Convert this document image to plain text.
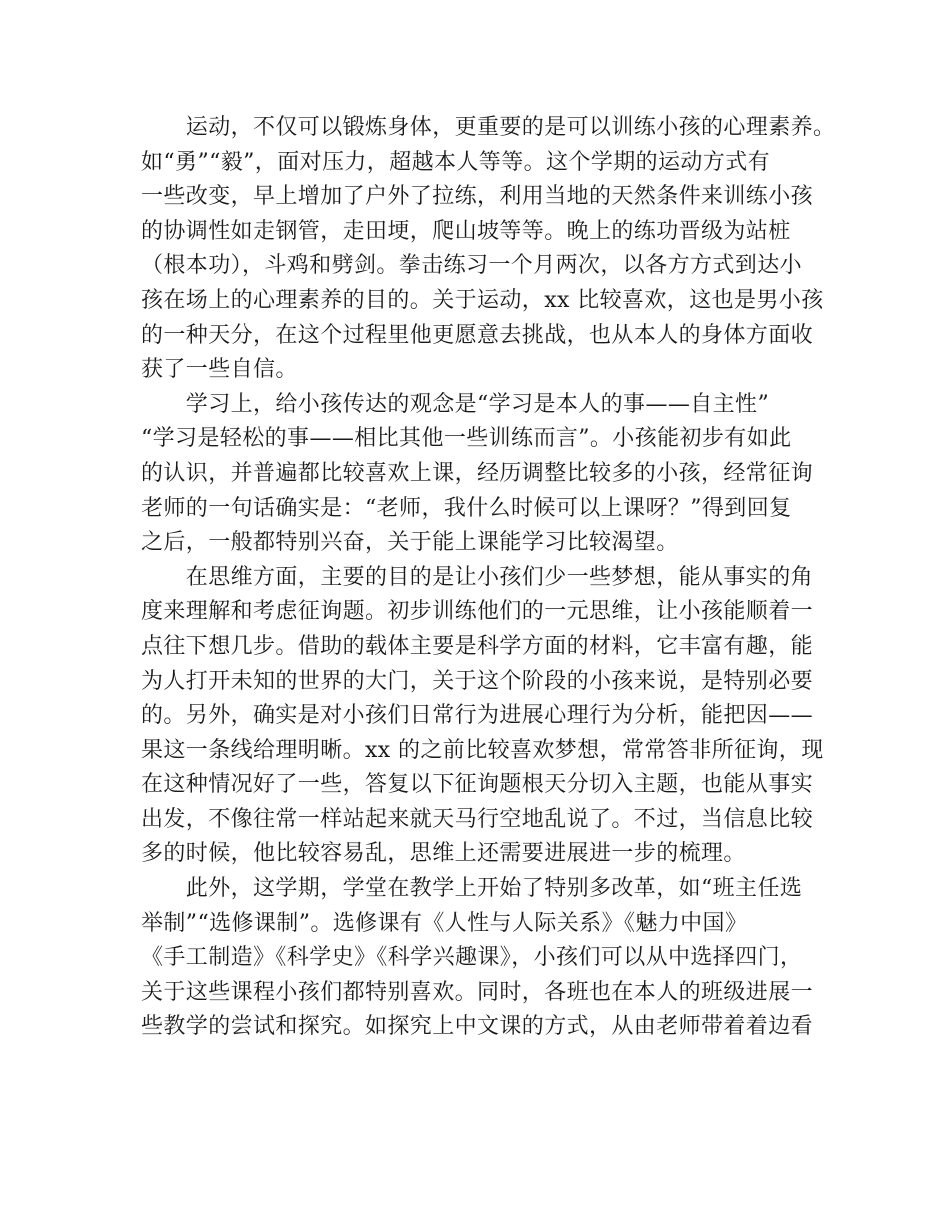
　　运动，不仅可以锻炼身体，更重要的是可以训练小孩的心理素养。
如“勇”“毅”，面对压力，超越本人等等。这个学期的运动方式有
一些改变，早上增加了户外了拉练，利用当地的天然条件来训练小孩
的协调性如走钢管，走田埂，爬山坡等等。晚上的练功晋级为站桩
（根本功），斗鸡和劈剑。拳击练习一个月两次，以各方方式到达小
孩在场上的心理素养的目的。关于运动，xx 比较喜欢，这也是男小孩
的一种天分，在这个过程里他更愿意去挑战，也从本人的身体方面收
获了一些自信。
　　学习上，给小孩传达的观念是“学习是本人的事——自主性”
“学习是轻松的事——相比其他一些训练而言”。小孩能初步有如此
的认识，并普遍都比较喜欢上课，经历调整比较多的小孩，经常征询
老师的一句话确实是：“老师，我什么时候可以上课呀？”得到回复
之后，一般都特别兴奋，关于能上课能学习比较渴望。
　　在思维方面，主要的目的是让小孩们少一些梦想，能从事实的角
度来理解和考虑征询题。初步训练他们的一元思维，让小孩能顺着一
点往下想几步。借助的载体主要是科学方面的材料，它丰富有趣，能
为人打开未知的世界的大门，关于这个阶段的小孩来说，是特别必要
的。另外，确实是对小孩们日常行为进展心理行为分析，能把因——
果这一条线给理明晰。xx 的之前比较喜欢梦想，常常答非所征询，现
在这种情况好了一些，答复以下征询题根天分切入主题，也能从事实
出发，不像往常一样站起来就天马行空地乱说了。不过，当信息比较
多的时候，他比较容易乱，思维上还需要进展进一步的梳理。
　　此外，这学期，学堂在教学上开始了特别多改革，如“班主任选
举制”“选修课制”。选修课有《人性与人际关系》《魅力中国》
《手工制造》《科学史》《科学兴趣课》，小孩们可以从中选择四门，
关于这些课程小孩们都特别喜欢。同时，各班也在本人的班级进展一
些教学的尝试和探究。如探究上中文课的方式，从由老师带着着边看
